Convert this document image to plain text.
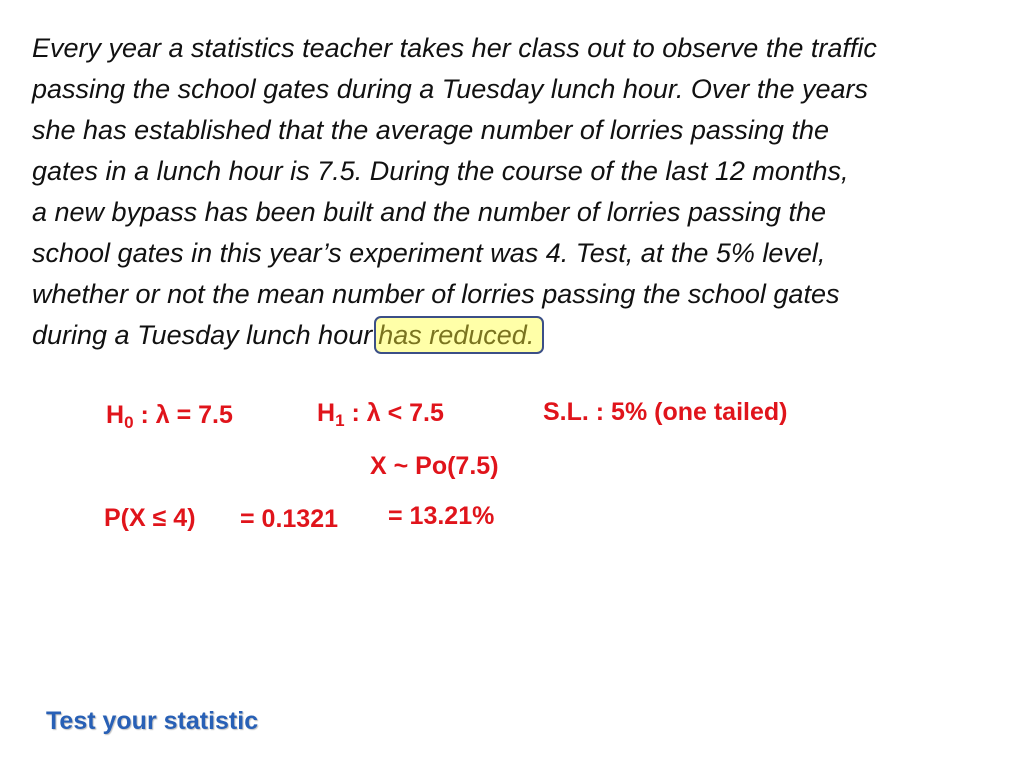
Every year a statistics teacher takes her class out to observe the traffic
passing the school gates during a Tuesday lunch hour. Over the years
she has established that the average number of lorries passing the
gates in a lunch hour is 7.5. During the course of the last 12 months,
a new bypass has been built and the number of lorries passing the
school gates in this year’s experiment was 4. Test, at the 5% level,
whether or not the mean number of lorries passing the school gates
during a Tuesday lunch hour has reduced.
$H_0$ : λ = 7.5	$H_1$ : λ < 7.5	S.L. : 5% (one tailed)
X ~ Po(7.5)
P(X ≤ 4) = 0.1321 = 13.21%
Test your statistic
